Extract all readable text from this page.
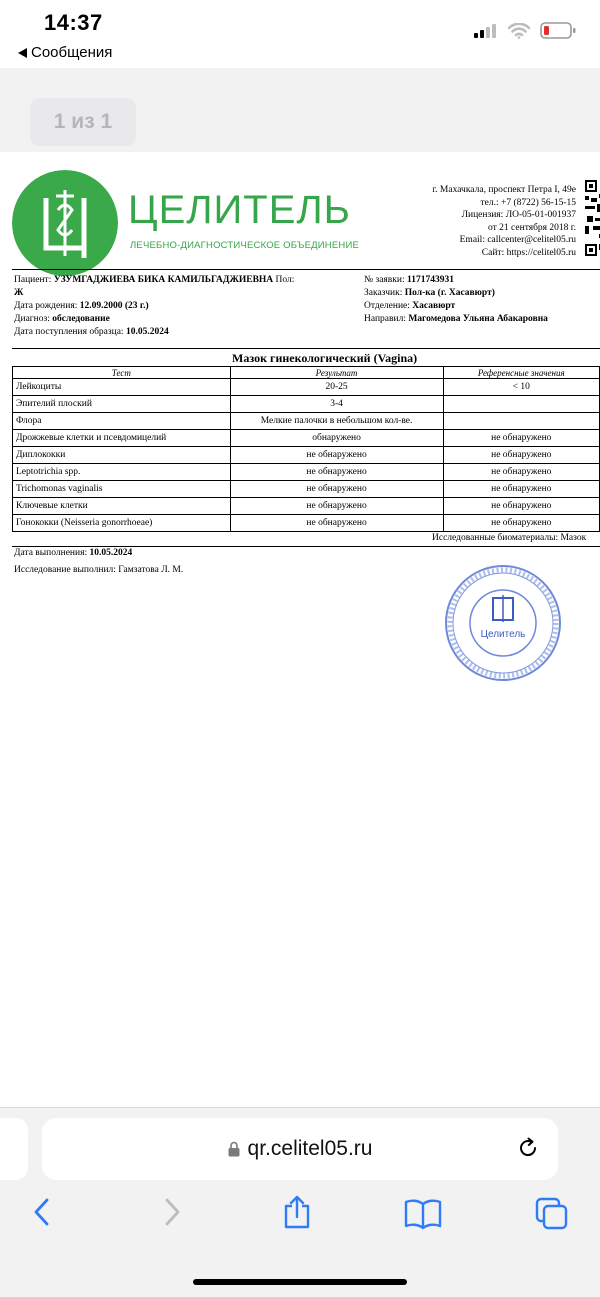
14:37
Сообщения
1 из 1
ЦЕЛИТЕЛЬ
ЛЕЧЕБНО-ДИАГНОСТИЧЕСКОЕ ОБЪЕДИНЕНИЕ
г. Махачкала, проспект Петра I, 49е
тел.: +7 (8722) 56-15-15
Лицензия: ЛО-05-01-001937
от 21 сентября 2018 г.
Email: callcenter@celitel05.ru
Сайт: https://celitel05.ru
Пациент: УЗУМГАДЖИЕВА БИКА КАМИЛЬГАДЖИЕВНА Пол:
Ж
Дата рождения: 12.09.2000 (23 г.)
Диагноз: обследование
Дата поступления образца: 10.05.2024
№ заявки: 1171743931
Заказчик: Пол-ка (г. Хасавюрт)
Отделение: Хасавюрт
Направил: Магомедова Ульяна Абакаровна
Мазок гинекологический (Vagina)
Тест	Результат	Референсные значения
Лейкоциты	20-25	< 10
Эпителий плоский	3-4	
Флора	Мелкие палочки в небольшом кол-ве.	
Дрожжевые клетки и псевдомицелий	обнаружено	не обнаружено
Диплококки	не обнаружено	не обнаружено
Leptotrichia spp.	не обнаружено	не обнаружено
Trichomonas vaginalis	не обнаружено	не обнаружено
Ключевые клетки	не обнаружено	не обнаружено
Гонококки (Neisseria gonorrhoeae)	не обнаружено	не обнаружено
Исследованные биоматериалы: Мазок
Дата выполнения: 10.05.2024
Исследование выполнил: Гамзатова Л. М.
Целитель
qr.celitel05.ru
